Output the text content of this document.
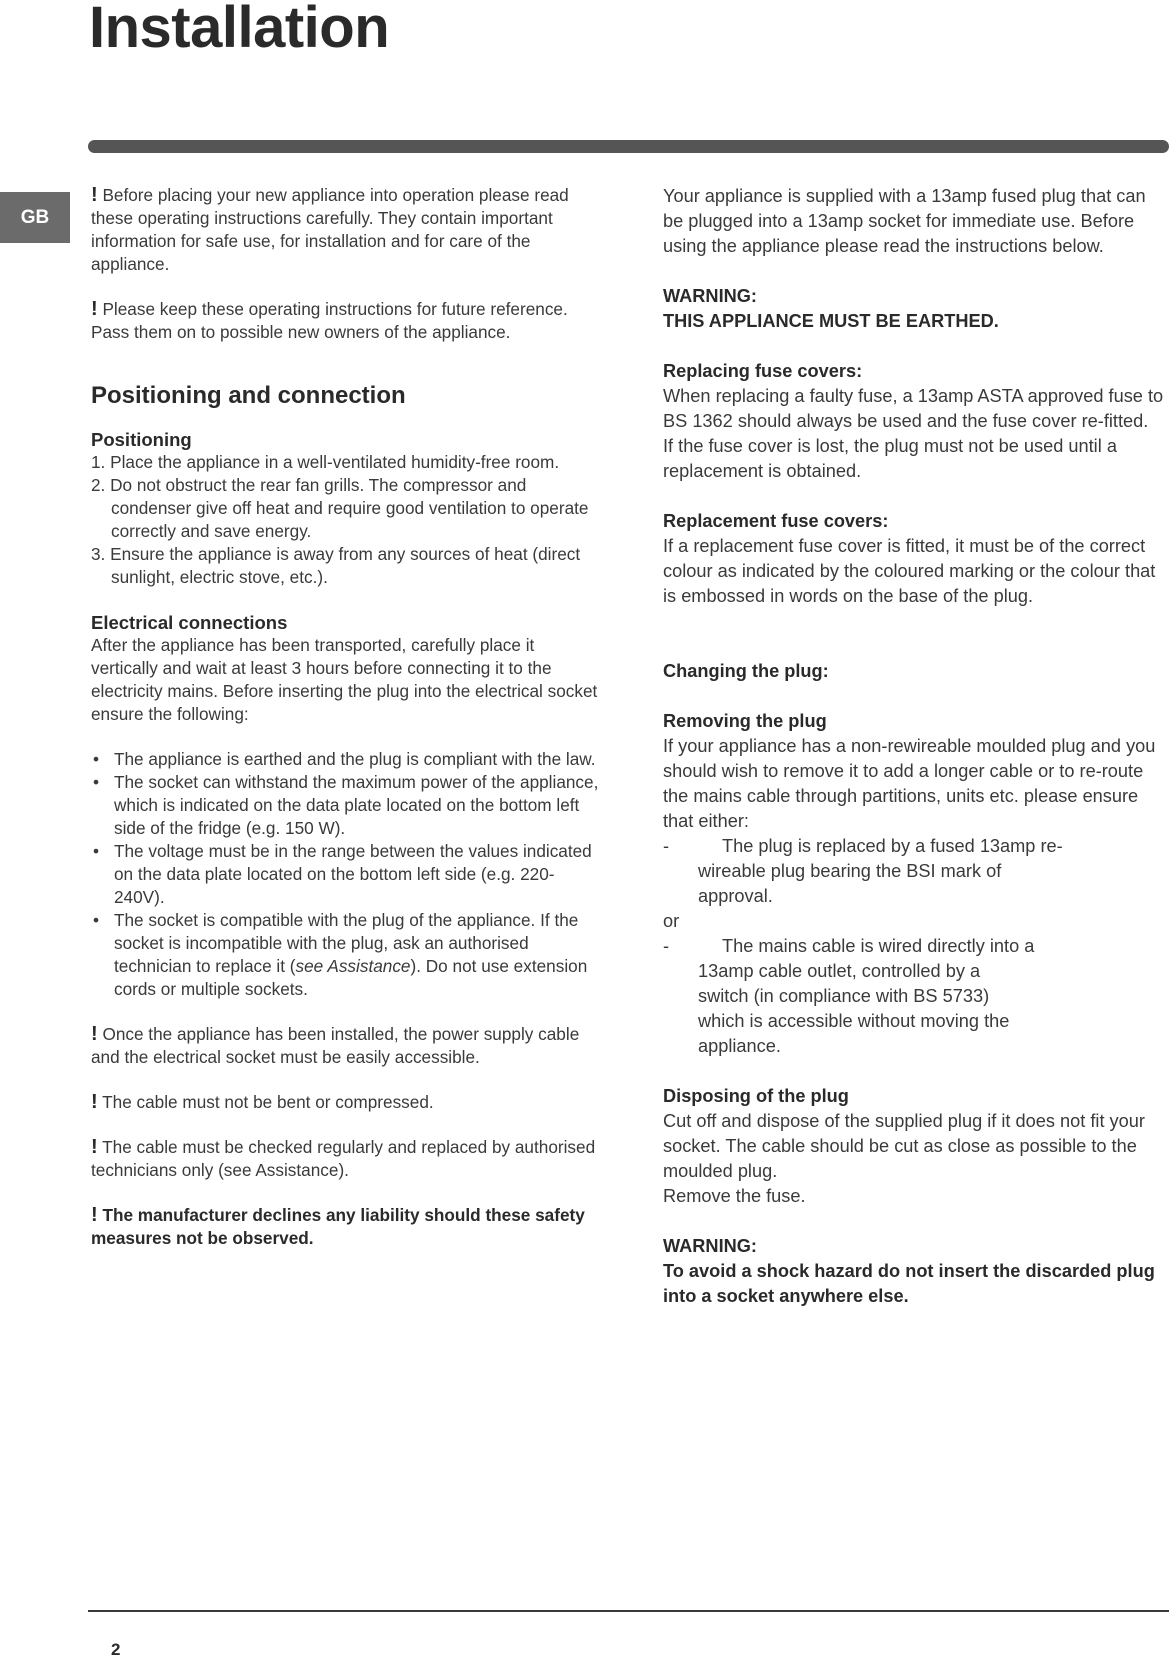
Installation
GB

! Before placing your new appliance into operation please read these operating instructions carefully. They contain important information for safe use, for installation and for care of the appliance.

! Please keep these operating instructions for future reference. Pass them on to possible new owners of the appliance.

Positioning and connection

Positioning

1. Place the appliance in a well-ventilated humidity-free room.
2. Do not obstruct the rear fan grills. The compressor and condenser give off heat and require good ventilation to operate correctly and save energy.
3. Ensure the appliance is away from any sources of heat (direct sunlight, electric stove, etc.).

Electrical connections

After the appliance has been transported, carefully place it vertically and wait at least 3 hours before connecting it to the electricity mains. Before inserting the plug into the electrical socket ensure the following:

• The appliance is earthed and the plug is compliant with the law.
• The socket can withstand the maximum power of the appliance, which is indicated on the data plate located on the bottom left side of the fridge (e.g. 150 W).
• The voltage must be in the range between the values indicated on the data plate located on the bottom left side (e.g. 220-240V).
• The socket is compatible with the plug of the appliance. If the socket is incompatible with the plug, ask an authorised technician to replace it (see Assistance). Do not use extension cords or multiple sockets.

! Once the appliance has been installed, the power supply cable and the electrical socket must be easily accessible.

! The cable must not be bent or compressed.

! The cable must be checked regularly and replaced by authorised technicians only (see Assistance).

! The manufacturer declines any liability should these safety measures not be observed.

Your appliance is supplied with a 13amp fused plug that can be plugged into a 13amp socket for immediate use. Before using the appliance please read the instructions below.

WARNING:

THIS APPLIANCE MUST BE EARTHED.

Replacing fuse covers:

When replacing a faulty fuse, a 13amp ASTA approved fuse to BS 1362 should always be used and the fuse cover re-fitted.

If the fuse cover is lost, the plug must not be used until a replacement is obtained.

Replacement fuse covers:

If a replacement fuse cover is fitted, it must be of the correct colour as indicated by the coloured marking or the colour that is embossed in words on the base of the plug.

Changing the plug:

Removing the plug

If your appliance has a non-rewireable moulded plug and you should wish to remove it to add a longer cable or to re-route the mains cable through partitions, units etc. please ensure that either:

-	The plug is replaced by a fused 13amp re-
wireable plug bearing the BSI mark of
approval.

or

-	The mains cable is wired directly into a
13amp cable outlet, controlled by a
switch (in compliance with BS 5733)
which is accessible without moving the
appliance.

Disposing of the plug

Cut off and dispose of the supplied plug if it does not fit your socket. The cable should be cut as close as possible to the moulded plug.

Remove the fuse.

WARNING:

To avoid a shock hazard do not insert the discarded plug into a socket anywhere else.

2
